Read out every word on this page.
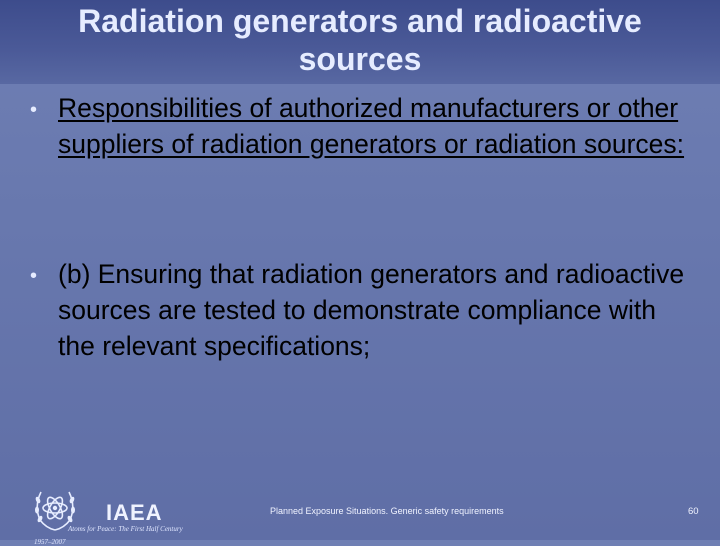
Radiation generators and radioactive
sources
• Responsibilities of authorized manufacturers or other suppliers of radiation generators or radiation sources:
• (b) Ensuring that radiation generators and radioactive sources are tested to demonstrate compliance with the relevant specifications;
IAEA
Atoms for Peace: The First Half Century
1957–2007
Planned Exposure Situations. Generic safety requirements	60
